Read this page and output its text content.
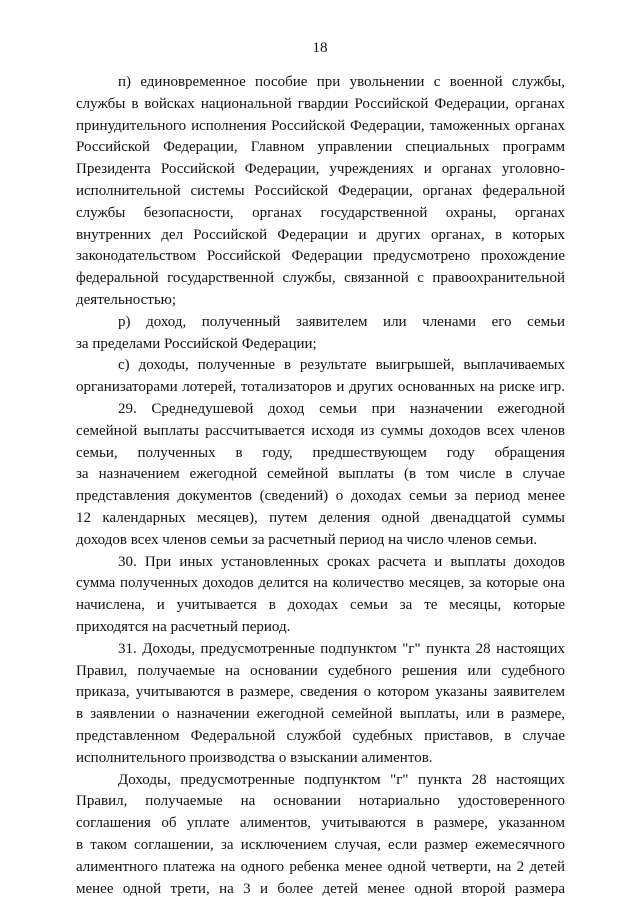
18
п) единовременное пособие при увольнении с военной службы,
службы в войсках национальной гвардии Российской Федерации, органах
принудительного исполнения Российской Федерации, таможенных органах
Российской Федерации, Главном управлении специальных программ
Президента Российской Федерации, учреждениях и органах уголовно-
исполнительной системы Российской Федерации, органах федеральной
службы безопасности, органах государственной охраны, органах
внутренних дел Российской Федерации и других органах, в которых
законодательством Российской Федерации предусмотрено прохождение
федеральной государственной службы, связанной с правоохранительной
деятельностью;
р) доход, полученный заявителем или членами его семьи
за пределами Российской Федерации;
с) доходы, полученные в результате выигрышей, выплачиваемых
организаторами лотерей, тотализаторов и других основанных на риске игр.
29. Среднедушевой доход семьи при назначении ежегодной
семейной выплаты рассчитывается исходя из суммы доходов всех членов
семьи, полученных в году, предшествующем году обращения
за назначением ежегодной семейной выплаты (в том числе в случае
представления документов (сведений) о доходах семьи за период менее
12 календарных месяцев), путем деления одной двенадцатой суммы
доходов всех членов семьи за расчетный период на число членов семьи.
30. При иных установленных сроках расчета и выплаты доходов
сумма полученных доходов делится на количество месяцев, за которые она
начислена, и учитывается в доходах семьи за те месяцы, которые
приходятся на расчетный период.
31. Доходы, предусмотренные подпунктом "г" пункта 28 настоящих
Правил, получаемые на основании судебного решения или судебного
приказа, учитываются в размере, сведения о котором указаны заявителем
в заявлении о назначении ежегодной семейной выплаты, или в размере,
представленном Федеральной службой судебных приставов, в случае
исполнительного производства о взыскании алиментов.
Доходы, предусмотренные подпунктом "г" пункта 28 настоящих
Правил, получаемые на основании нотариально удостоверенного
соглашения об уплате алиментов, учитываются в размере, указанном
в таком соглашении, за исключением случая, если размер ежемесячного
алиментного платежа на одного ребенка менее одной четверти, на 2 детей
менее одной трети, на 3 и более детей менее одной второй размера
